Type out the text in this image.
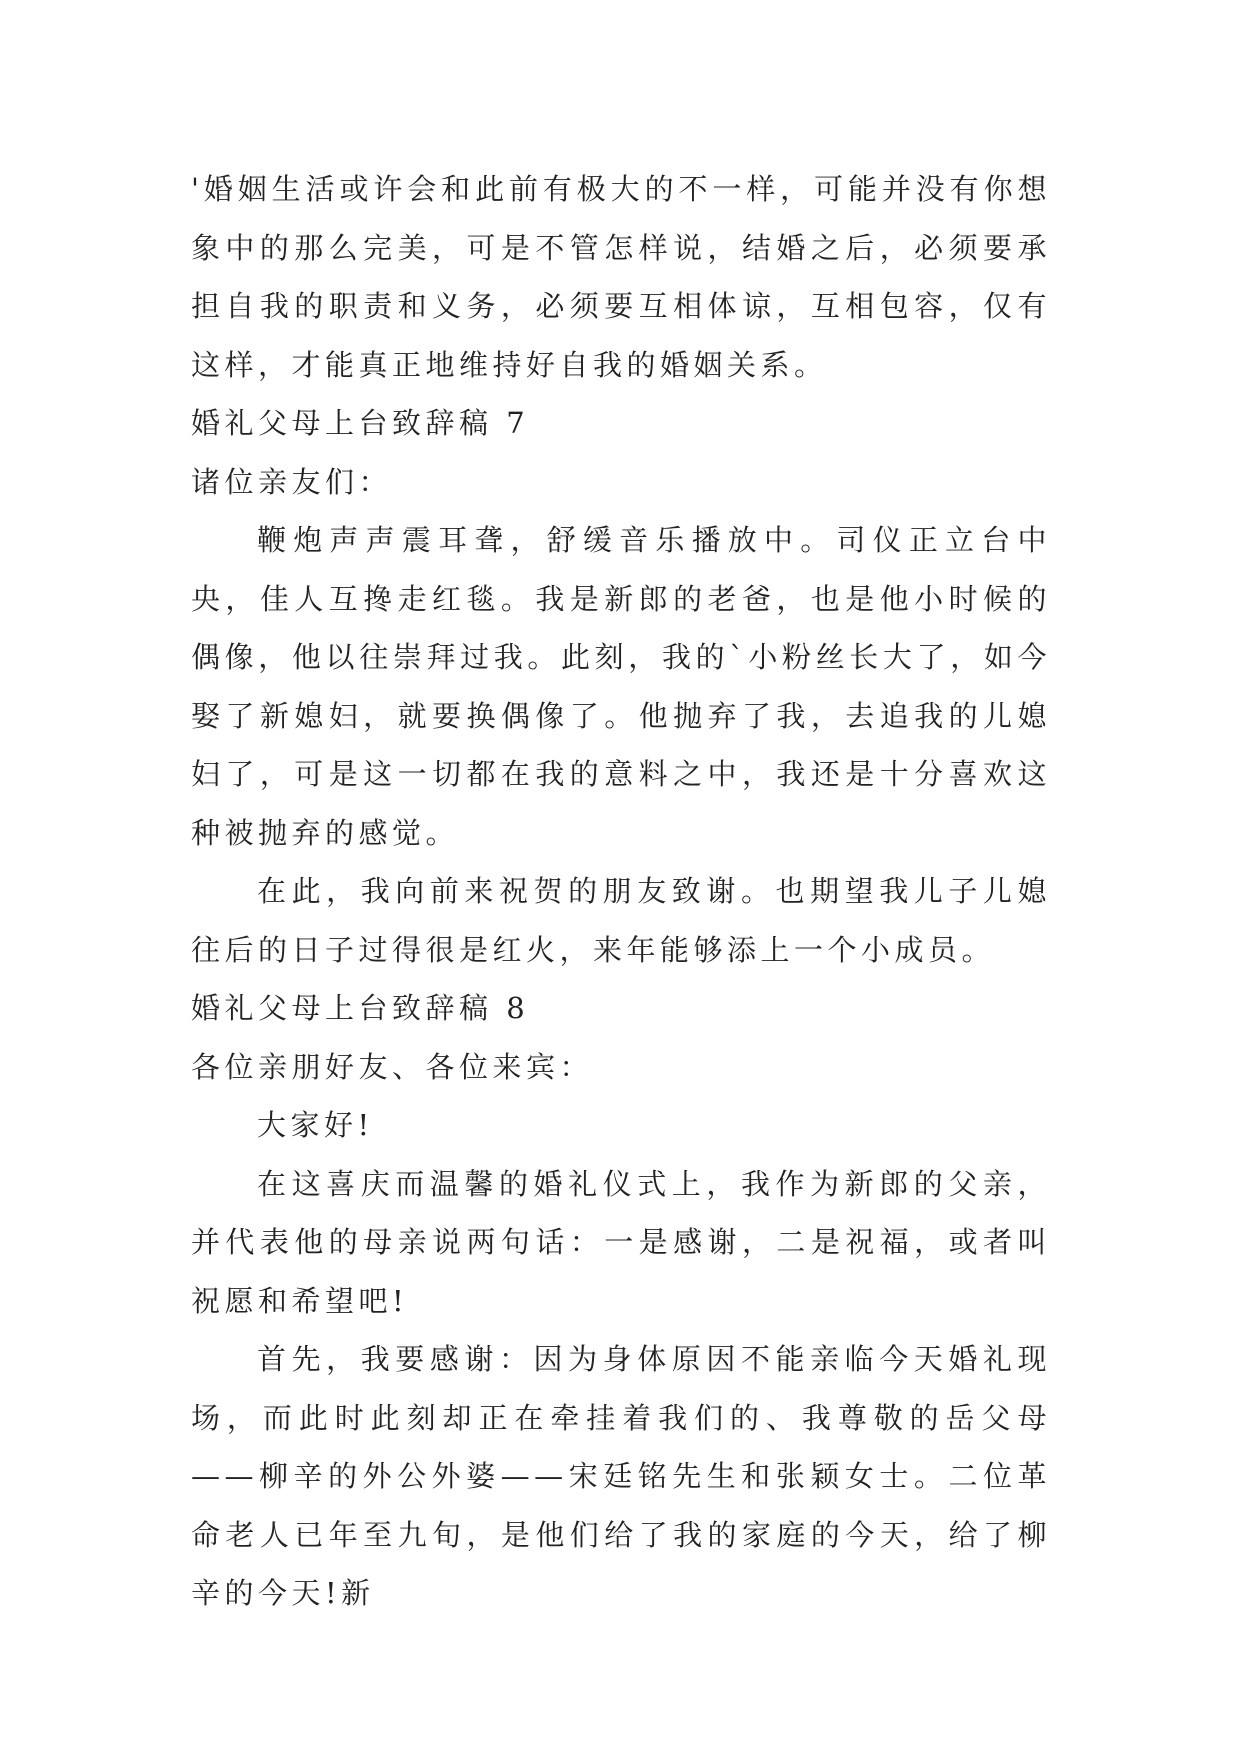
'婚姻生活或许会和此前有极大的不一样，可能并没有你想象中的那么完美，可是不管怎样说，结婚之后，必须要承担自我的职责和义务，必须要互相体谅，互相包容，仅有这样，才能真正地维持好自我的婚姻关系。

婚礼父母上台致辞稿 7

诸位亲友们：

鞭炮声声震耳聋，舒缓音乐播放中。司仪正立台中央，佳人互搀走红毯。我是新郎的老爸，也是他小时候的偶像，他以往崇拜过我。此刻，我的`小粉丝长大了，如今娶了新媳妇，就要换偶像了。他抛弃了我，去追我的儿媳妇了，可是这一切都在我的意料之中，我还是十分喜欢这种被抛弃的感觉。

在此，我向前来祝贺的朋友致谢。也期望我儿子儿媳往后的日子过得很是红火，来年能够添上一个小成员。

婚礼父母上台致辞稿 8

各位亲朋好友、各位来宾：

大家好!

在这喜庆而温馨的婚礼仪式上，我作为新郎的父亲，并代表他的母亲说两句话：一是感谢，二是祝福，或者叫祝愿和希望吧!

首先，我要感谢：因为身体原因不能亲临今天婚礼现场，而此时此刻却正在牵挂着我们的、我尊敬的岳父母——柳辛的外公外婆——宋廷铭先生和张颖女士。二位革命老人已年至九旬，是他们给了我的家庭的今天，给了柳辛的今天!新
